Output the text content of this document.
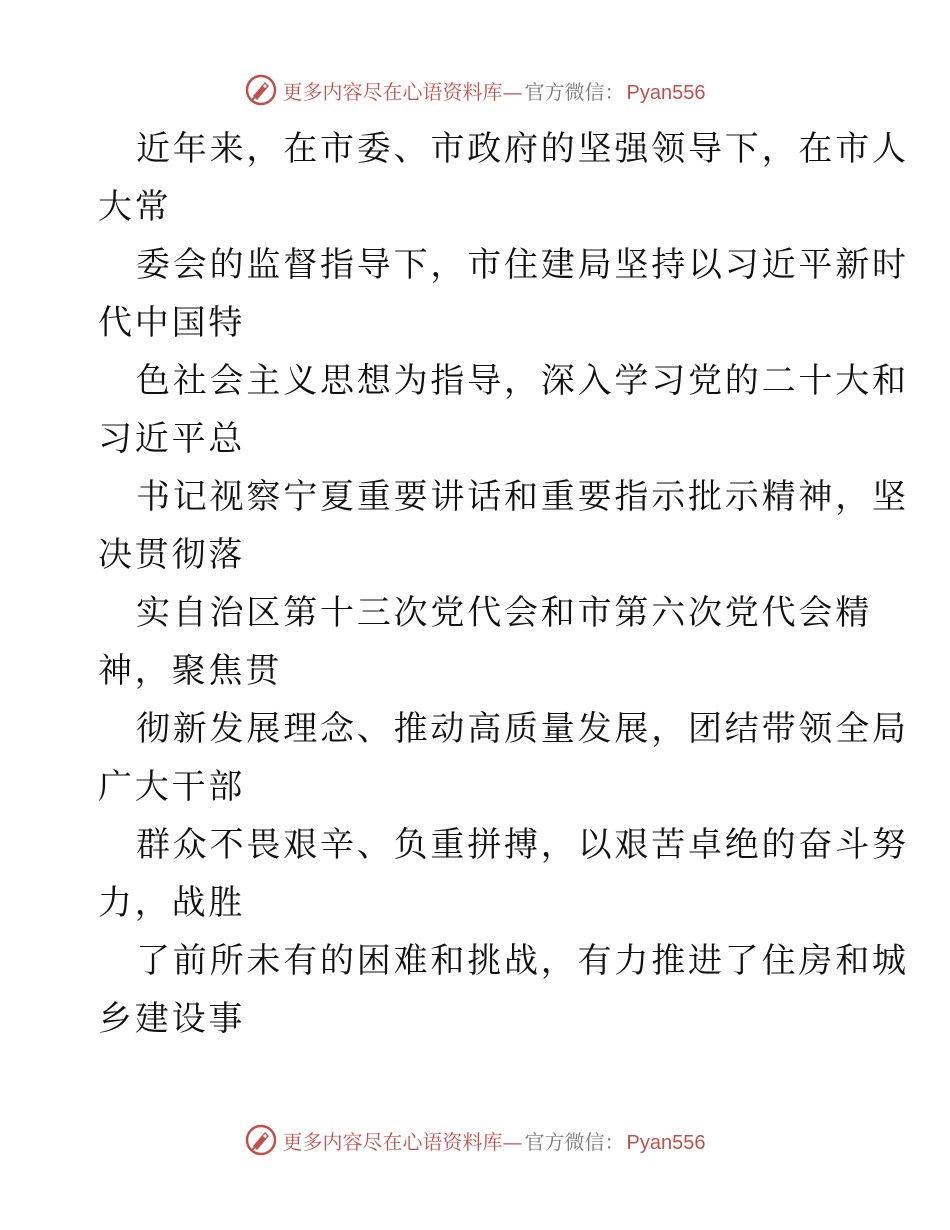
更多内容尽在心语资料库— 官方微信： Pyan556

近年来，在市委、市政府的坚强领导下，在市人
大常

委会的监督指导下，市住建局坚持以习近平新时
代中国特

色社会主义思想为指导，深入学习党的二十大和
习近平总

书记视察宁夏重要讲话和重要指示批示精神，坚
决贯彻落

实自治区第十三次党代会和市第六次党代会精
神，聚焦贯

彻新发展理念、推动高质量发展，团结带领全局
广大干部

群众不畏艰辛、负重拼搏，以艰苦卓绝的奋斗努
力，战胜

了前所未有的困难和挑战，有力推进了住房和城
乡建设事

更多内容尽在心语资料库— 官方微信： Pyan556
